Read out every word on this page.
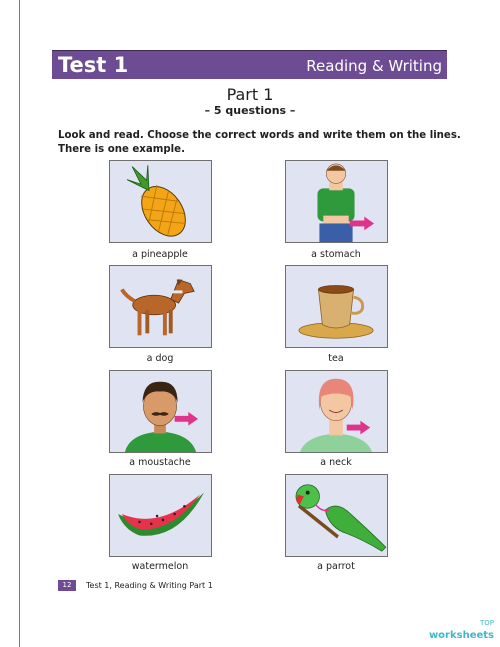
Test 1	Reading & Writing
Part 1
– 5 questions –
Look and read. Choose the correct words and write them on the lines. There is one example.
a pineapple	a stomach
a dog	tea
a moustache	a neck
watermelon	a parrot
12	Test 1, Reading & Writing Part 1
TOP
worksheets
